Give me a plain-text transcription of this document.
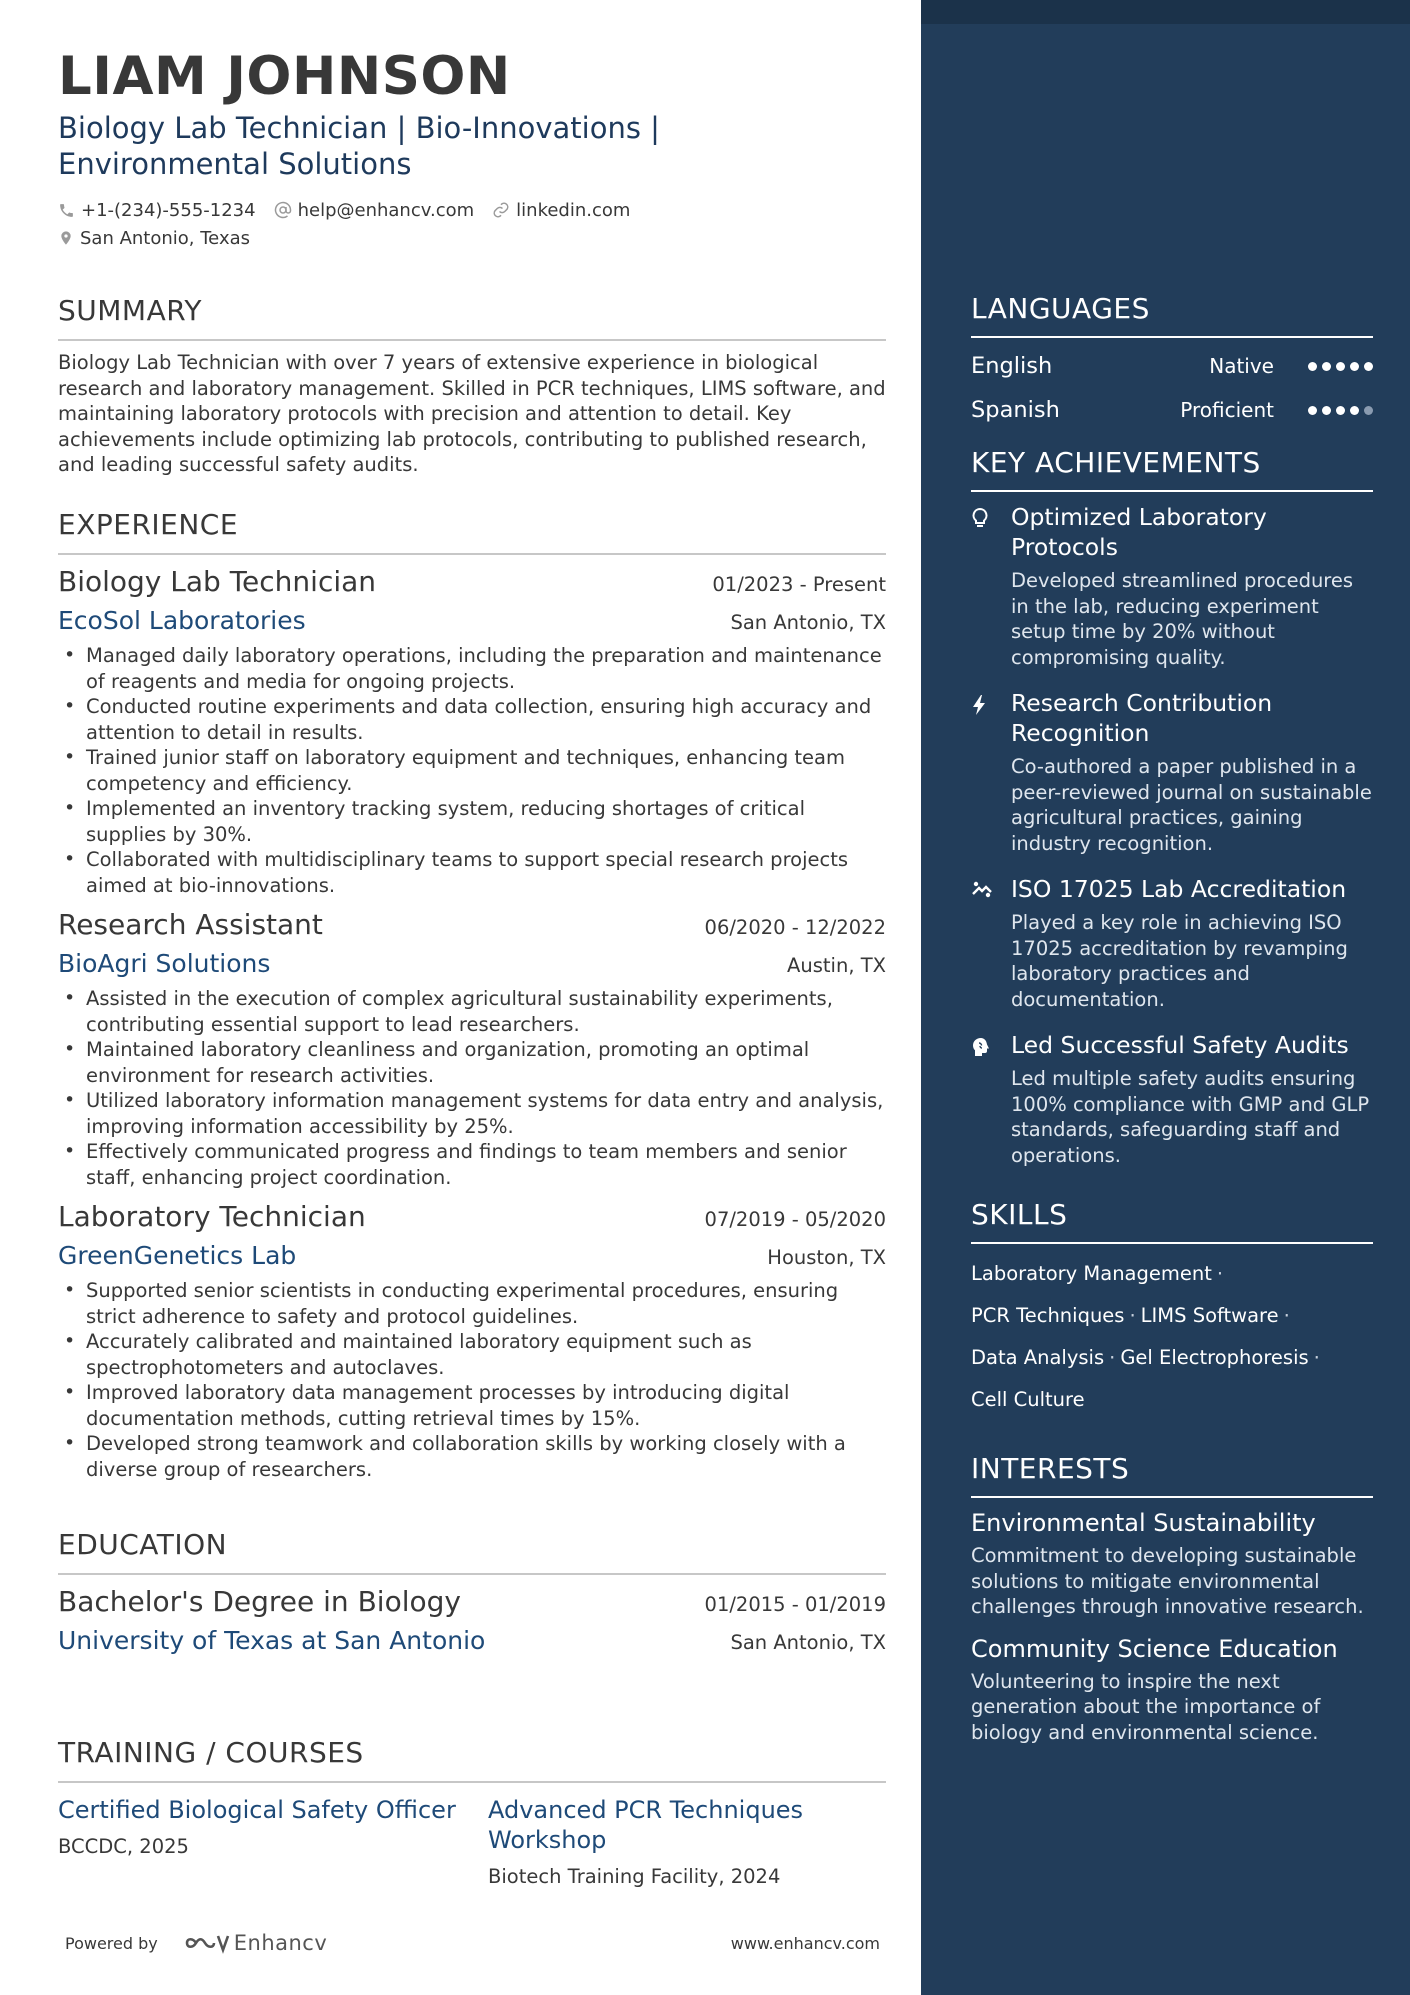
LIAM JOHNSON
Biology Lab Technician | Bio-Innovations |
Environmental Solutions
+1-(234)-555-1234 help@enhancv.com linkedin.com
San Antonio, Texas
SUMMARY
Biology Lab Technician with over 7 years of extensive experience in biological research and laboratory management. Skilled in PCR techniques, LIMS software, and maintaining laboratory protocols with precision and attention to detail. Key achievements include optimizing lab protocols, contributing to published research, and leading successful safety audits.
EXPERIENCE
Biology Lab Technician	01/2023 - Present
EcoSol Laboratories	San Antonio, TX
• Managed daily laboratory operations, including the preparation and maintenance of reagents and media for ongoing projects.
• Conducted routine experiments and data collection, ensuring high accuracy and attention to detail in results.
• Trained junior staff on laboratory equipment and techniques, enhancing team competency and efficiency.
• Implemented an inventory tracking system, reducing shortages of critical supplies by 30%.
• Collaborated with multidisciplinary teams to support special research projects aimed at bio-innovations.
Research Assistant	06/2020 - 12/2022
BioAgri Solutions	Austin, TX
• Assisted in the execution of complex agricultural sustainability experiments, contributing essential support to lead researchers.
• Maintained laboratory cleanliness and organization, promoting an optimal environment for research activities.
• Utilized laboratory information management systems for data entry and analysis, improving information accessibility by 25%.
• Effectively communicated progress and findings to team members and senior staff, enhancing project coordination.
Laboratory Technician	07/2019 - 05/2020
GreenGenetics Lab	Houston, TX
• Supported senior scientists in conducting experimental procedures, ensuring strict adherence to safety and protocol guidelines.
• Accurately calibrated and maintained laboratory equipment such as spectrophotometers and autoclaves.
• Improved laboratory data management processes by introducing digital documentation methods, cutting retrieval times by 15%.
• Developed strong teamwork and collaboration skills by working closely with a diverse group of researchers.
EDUCATION
Bachelor's Degree in Biology	01/2015 - 01/2019
University of Texas at San Antonio	San Antonio, TX
TRAINING / COURSES
Certified Biological Safety Officer
BCCDC, 2025
Advanced PCR Techniques Workshop
Biotech Training Facility, 2024
Powered by	Enhancv	www.enhancv.com
LANGUAGES
English	Native
Spanish	Proficient
KEY ACHIEVEMENTS
Optimized Laboratory Protocols
Developed streamlined procedures in the lab, reducing experiment setup time by 20% without compromising quality.
Research Contribution Recognition
Co-authored a paper published in a peer-reviewed journal on sustainable agricultural practices, gaining industry recognition.
ISO 17025 Lab Accreditation
Played a key role in achieving ISO 17025 accreditation by revamping laboratory practices and documentation.
Led Successful Safety Audits
Led multiple safety audits ensuring 100% compliance with GMP and GLP standards, safeguarding staff and operations.
SKILLS
Laboratory Management ·
PCR Techniques · LIMS Software ·
Data Analysis · Gel Electrophoresis ·
Cell Culture
INTERESTS
Environmental Sustainability
Commitment to developing sustainable solutions to mitigate environmental challenges through innovative research.
Community Science Education
Volunteering to inspire the next generation about the importance of biology and environmental science.
